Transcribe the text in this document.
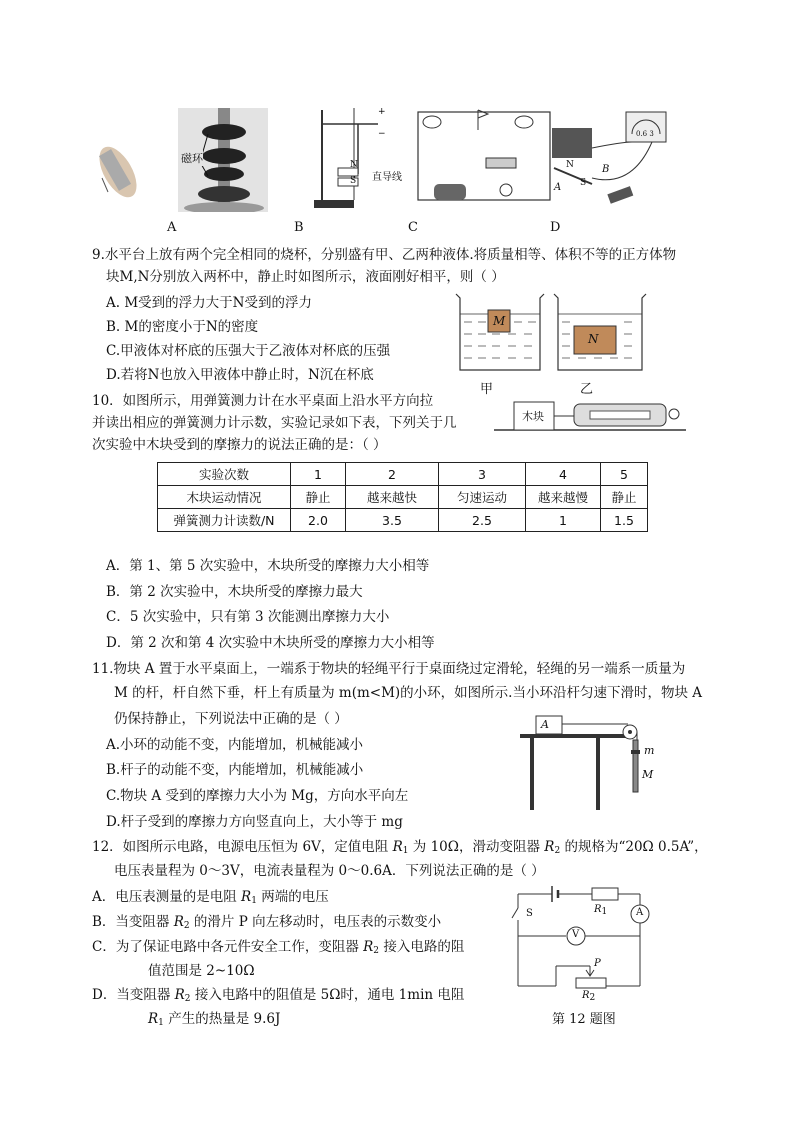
磁环
+
−
N
S 直导线
0.6 3
A
B
N
S
A	B	C	D
9.水平台上放有两个完全相同的烧杯，分别盛有甲、乙两种液体.将质量相等、体积不等的正方体物
块M,N分别放入两杯中，静止时如图所示，液面刚好相平，则（ ）
A. M受到的浮力大于N受到的浮力
B. M的密度小于N的密度
C.甲液体对杯底的压强大于乙液体对杯底的压强
D.若将N也放入甲液体中静止时，N沉在杯底
M
N
甲	乙
10．如图所示，用弹簧测力计在水平桌面上沿水平方向拉
并读出相应的弹簧测力计示数，实验记录如下表，下列关于几
次实验中木块受到的摩擦力的说法正确的是：（ ）
木块
实验次数	1	2	3	4	5
木块运动情况	静止	越来越快	匀速运动	越来越慢	静止
弹簧测力计读数/N	2.0	3.5	2.5	1	1.5
A．第 1、第 5 次实验中，木块所受的摩擦力大小相等
B．第 2 次实验中，木块所受的摩擦力最大
C．5 次实验中，只有第 3 次能测出摩擦力大小
D．第 2 次和第 4 次实验中木块所受的摩擦力大小相等
11.物块 A 置于水平桌面上，一端系于物块的轻绳平行于桌面绕过定滑轮，轻绳的另一端系一质量为
M 的杆，杆自然下垂，杆上有质量为 m(m<M)的小环，如图所示.当小环沿杆匀速下滑时，物块 A
仍保持静止，下列说法中正确的是（ ）
A.小环的动能不变，内能增加，机械能减小
B.杆子的动能不变，内能增加，机械能减小
C.物块 A 受到的摩擦力大小为 Mg，方向水平向左
D.杆子受到的摩擦力方向竖直向上，大小等于 mg
A
m
M
12．如图所示电路，电源电压恒为 6V，定值电阻 $R_1$ 为 10Ω，滑动变阻器 $R_2$ 的规格为“20Ω 0.5A”，
电压表量程为 0～3V，电流表量程为 0～0.6A．下列说法正确的是（ ）
A．电压表测量的是电阻 $R_1$ 两端的电压
B．当变阻器 $R_2$ 的滑片 P 向左移动时，电压表的示数变小
C．为了保证电路中各元件安全工作，变阻器 $R_2$ 接入电路的阻
值范围是 2~10Ω
D．当变阻器 $R_2$ 接入电路中的阻值是 5Ω时，通电 1min 电阻
$R_1$ 产生的热量是 9.6J
S	R1	A
V
P
R2
第 12 题图
